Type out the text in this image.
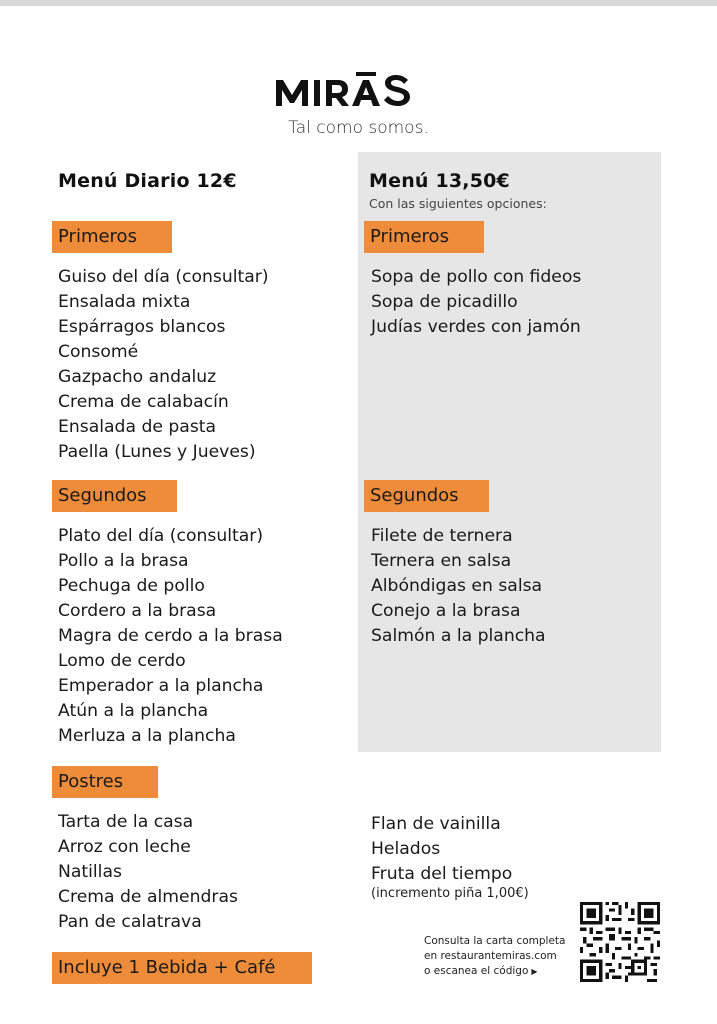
Tal como somos.
Menú Diario 12€
Primeros
Guiso del día (consultar)
Ensalada mixta
Espárragos blancos
Consomé
Gazpacho andaluz
Crema de calabacín
Ensalada de pasta
Paella (Lunes y Jueves)
Segundos
Plato del día (consultar)
Pollo a la brasa
Pechuga de pollo
Cordero a la brasa
Magra de cerdo a la brasa
Lomo de cerdo
Emperador a la plancha
Atún a la plancha
Merluza a la plancha
Postres
Tarta de la casa
Arroz con leche
Natillas
Crema de almendras
Pan de calatrava
Incluye 1 Bebida + Café
Menú 13,50€
Con las siguientes opciones:
Primeros
Sopa de pollo con fideos
Sopa de picadillo
Judías verdes con jamón
Segundos
Filete de ternera
Ternera en salsa
Albóndigas en salsa
Conejo a la brasa
Salmón a la plancha
Flan de vainilla
Helados
Fruta del tiempo
(incremento piña 1,00€)
Consulta la carta completa
en restaurantemiras.com
o escanea el código ▶
